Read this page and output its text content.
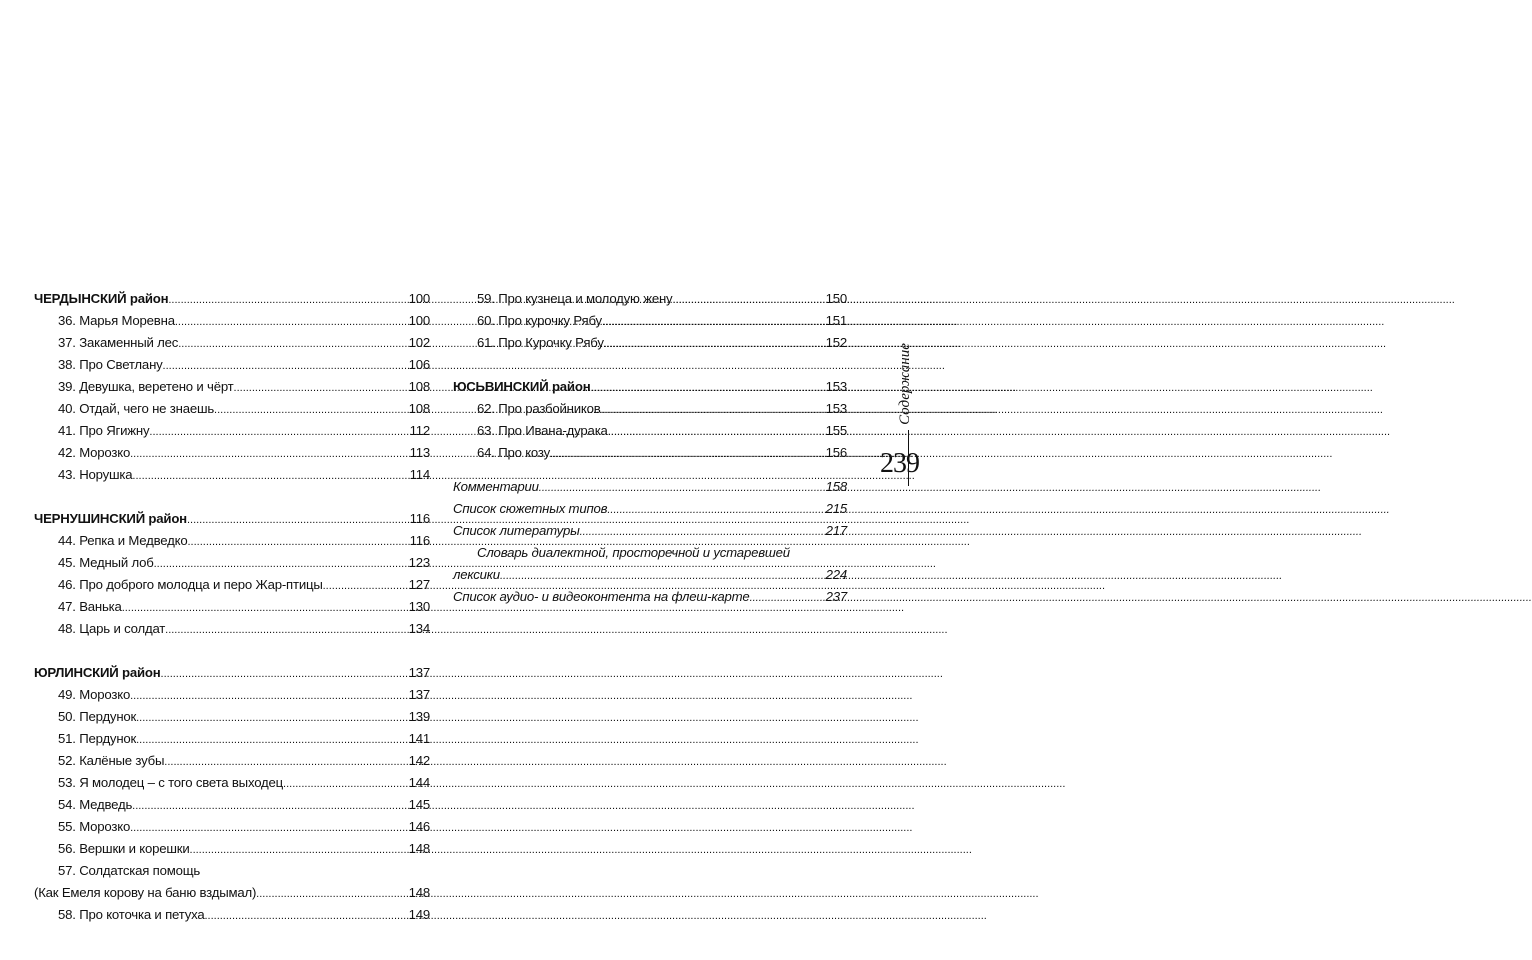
ЧЕРДЫНСКИЙ район .....	100
36. Марья Моревна .....	100
37. Закаменный лес .....	102
38. Про Светлану .....	106
39. Девушка, веретено и чёрт .....	108
40. Отдай, чего не знаешь .....	108
41. Про Ягижну .....	112
42. Морозко .....	113
43. Норушка .....	114
ЧЕРНУШИНСКИЙ район .....	116
44. Репка и Медведко .....	116
45. Медный лоб .....	123
46. Про доброго молодца и перо Жар-птицы .....	127
47. Ванька .....	130
48. Царь и солдат .....	134
ЮРЛИНСКИЙ район .....	137
49. Морозко .....	137
50. Пердунок .....	139
51. Пердунок .....	141
52. Калёные зубы .....	142
53. Я молодец – с того света выходец .....	144
54. Медведь .....	145
55. Морозко .....	146
56. Вершки и корешки .....	148
57. Солдатская помощь
(Как Емеля корову на баню вздымал) .....	148
58. Про коточка и петуха .....	149
59. Про кузнеца и молодую жену .....	150
60. Про курочку Рябу .....	151
61. Про Курочку Рябу .....	152
ЮСЬВИНСКИЙ район .....	153
62. Про разбойников .....	153
63. Про Ивана-дурака .....	155
64. Про козу .....	156
Комментарии .....	158
Список сюжетных типов .....	215
Список литературы .....	217
Словарь диалектной, просторечной и устаревшей
лексики .....	224
Список аудио- и видеоконтента на флеш-карте .....	237
Содержание
239
